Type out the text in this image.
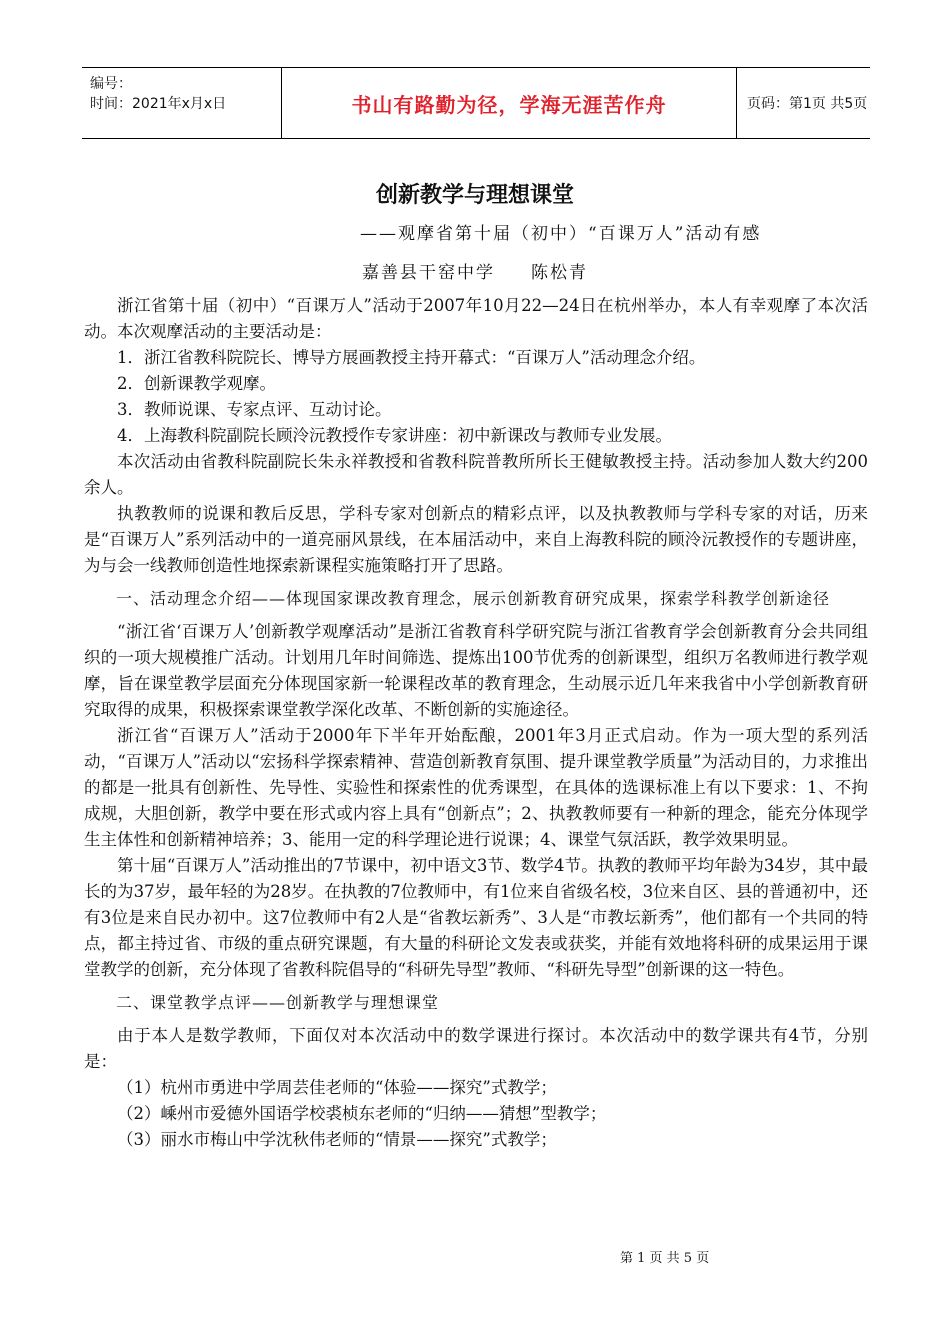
编号：
时间：2021年x月x日	书山有路勤为径，学海无涯苦作舟	页码：第1页 共5页
创新教学与理想课堂
——观摩省第十届（初中）“百课万人”活动有感
嘉善县干窑中学 陈松青

浙江省第十届（初中）“百课万人”活动于2007年10月22—24日在杭州举办，本人有幸观摩了本次活动。本次观摩活动的主要活动是：

1．浙江省教科院院长、博导方展画教授主持开幕式：“百课万人”活动理念介绍。

2．创新课教学观摩。

3．教师说课、专家点评、互动讨论。

4．上海教科院副院长顾泠沅教授作专家讲座：初中新课改与教师专业发展。

本次活动由省教科院副院长朱永祥教授和省教科院普教所所长王健敏教授主持。活动参加人数大约200余人。

执教教师的说课和教后反思，学科专家对创新点的精彩点评，以及执教教师与学科专家的对话，历来是“百课万人”系列活动中的一道亮丽风景线，在本届活动中，来自上海教科院的顾泠沅教授作的专题讲座，为与会一线教师创造性地探索新课程实施策略打开了思路。

一、活动理念介绍——体现国家课改教育理念，展示创新教育研究成果，探索学科教学创新途径

“浙江省‘百课万人’创新教学观摩活动”是浙江省教育科学研究院与浙江省教育学会创新教育分会共同组织的一项大规模推广活动。计划用几年时间筛选、提炼出100节优秀的创新课型，组织万名教师进行教学观摩，旨在课堂教学层面充分体现国家新一轮课程改革的教育理念，生动展示近几年来我省中小学创新教育研究取得的成果，积极探索课堂教学深化改革、不断创新的实施途径。

浙江省“百课万人”活动于2000年下半年开始酝酿，2001年3月正式启动。作为一项大型的系列活动，“百课万人”活动以“宏扬科学探索精神、营造创新教育氛围、提升课堂教学质量”为活动目的，力求推出的都是一批具有创新性、先导性、实验性和探索性的优秀课型，在具体的选课标准上有以下要求：1、不拘成规，大胆创新，教学中要在形式或内容上具有“创新点”；2、执教教师要有一种新的理念，能充分体现学生主体性和创新精神培养；3、能用一定的科学理论进行说课；4、课堂气氛活跃，教学效果明显。

第十届“百课万人”活动推出的7节课中，初中语文3节、数学4节。执教的教师平均年龄为34岁，其中最长的为37岁，最年轻的为28岁。在执教的7位教师中，有1位来自省级名校，3位来自区、县的普通初中，还有3位是来自民办初中。这7位教师中有2人是“省教坛新秀”、3人是“市教坛新秀”，他们都有一个共同的特点，都主持过省、市级的重点研究课题，有大量的科研论文发表或获奖，并能有效地将科研的成果运用于课堂教学的创新，充分体现了省教科院倡导的“科研先导型”教师、“科研先导型”创新课的这一特色。

二、课堂教学点评——创新教学与理想课堂

由于本人是数学教师，下面仅对本次活动中的数学课进行探讨。本次活动中的数学课共有4节，分别是：

（1）杭州市勇进中学周芸佳老师的“体验——探究”式教学；

（2）嵊州市爱德外国语学校裘桢东老师的“归纳——猜想”型教学；

（3）丽水市梅山中学沈秋伟老师的“情景——探究”式教学；

第 1 页 共 5 页
